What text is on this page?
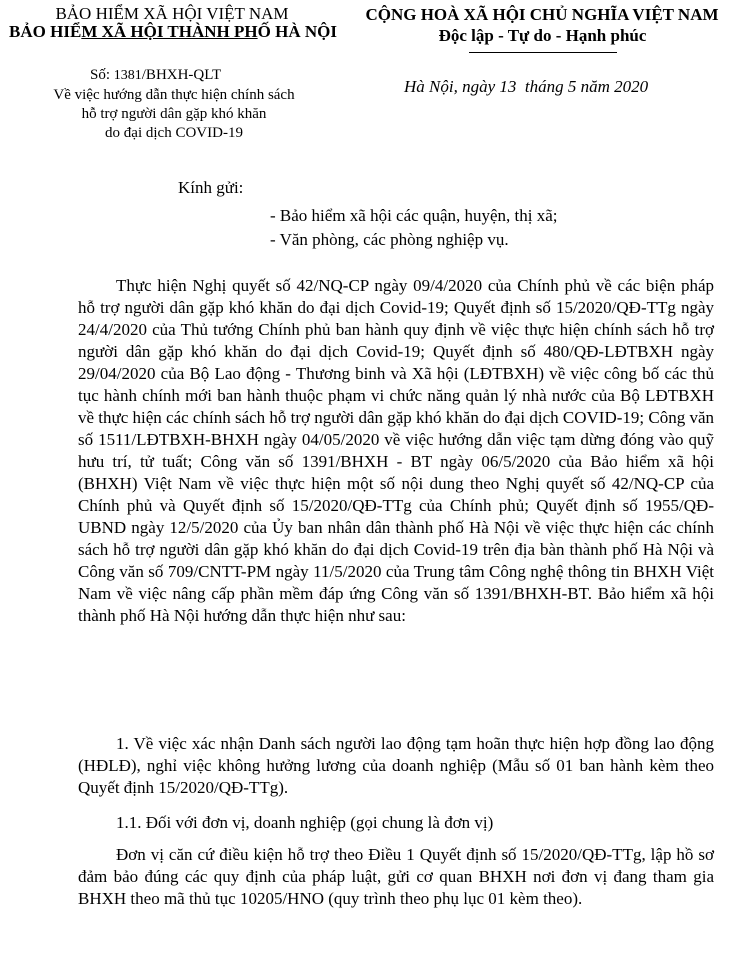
BẢO HIỂM XÃ HỘI VIỆT NAM
BẢO HIỂM XÃ HỘI THÀNH PHỐ HÀ NỘI
CỘNG HOÀ XÃ HỘI CHỦ NGHĨA VIỆT NAM
Độc lập - Tự do - Hạnh phúc
Số: 1381/BHXH-QLT
Về việc hướng dẫn thực hiện chính sách
hỗ trợ người dân gặp khó khăn
do đại dịch COVID-19
Hà Nội, ngày 13 tháng 5 năm 2020
Kính gửi:
- Bảo hiểm xã hội các quận, huyện, thị xã;
- Văn phòng, các phòng nghiệp vụ.
Thực hiện Nghị quyết số 42/NQ-CP ngày 09/4/2020 của Chính phủ về các biện pháp hỗ trợ người dân gặp khó khăn do đại dịch Covid-19; Quyết định số 15/2020/QĐ-TTg ngày 24/4/2020 của Thủ tướng Chính phủ ban hành quy định về việc thực hiện chính sách hỗ trợ người dân gặp khó khăn do đại dịch Covid-19; Quyết định số 480/QĐ-LĐTBXH ngày 29/04/2020 của Bộ Lao động - Thương binh và Xã hội (LĐTBXH) về việc công bố các thủ tục hành chính mới ban hành thuộc phạm vi chức năng quản lý nhà nước của Bộ LĐTBXH về thực hiện các chính sách hỗ trợ người dân gặp khó khăn do đại dịch COVID-19; Công văn số 1511/LĐTBXH-BHXH ngày 04/05/2020 về việc hướng dẫn việc tạm dừng đóng vào quỹ hưu trí, tử tuất; Công văn số 1391/BHXH - BT ngày 06/5/2020 của Bảo hiểm xã hội (BHXH) Việt Nam về việc thực hiện một số nội dung theo Nghị quyết số 42/NQ-CP của Chính phủ và Quyết định số 15/2020/QĐ-TTg của Chính phủ; Quyết định số 1955/QĐ-UBND ngày 12/5/2020 của Ủy ban nhân dân thành phố Hà Nội về việc thực hiện các chính sách hỗ trợ người dân gặp khó khăn do đại dịch Covid-19 trên địa bàn thành phố Hà Nội và Công văn số 709/CNTT-PM ngày 11/5/2020 của Trung tâm Công nghệ thông tin BHXH Việt Nam về việc nâng cấp phần mềm đáp ứng Công văn số 1391/BHXH-BT. Bảo hiểm xã hội thành phố Hà Nội hướng dẫn thực hiện như sau:
1. Về việc xác nhận Danh sách người lao động tạm hoãn thực hiện hợp đồng lao động (HĐLĐ), nghỉ việc không hưởng lương của doanh nghiệp (Mẫu số 01 ban hành kèm theo Quyết định 15/2020/QĐ-TTg).
1.1. Đối với đơn vị, doanh nghiệp (gọi chung là đơn vị)
Đơn vị căn cứ điều kiện hỗ trợ theo Điều 1 Quyết định số 15/2020/QĐ-TTg, lập hồ sơ đảm bảo đúng các quy định của pháp luật, gửi cơ quan BHXH nơi đơn vị đang tham gia BHXH theo mã thủ tục 10205/HNO (quy trình theo phụ lục 01 kèm theo).
